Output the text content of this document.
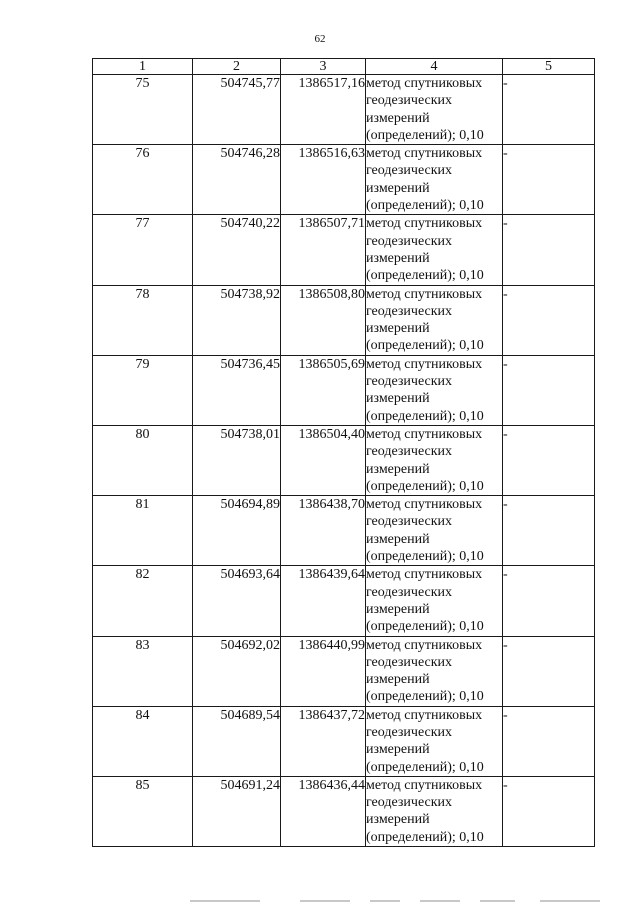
62
1	2	3	4	5
75	504745,77	1386517,16	метод спутниковых
геодезических
измерений
(определений); 0,10	-
76	504746,28	1386516,63	метод спутниковых
геодезических
измерений
(определений); 0,10	-
77	504740,22	1386507,71	метод спутниковых
геодезических
измерений
(определений); 0,10	-
78	504738,92	1386508,80	метод спутниковых
геодезических
измерений
(определений); 0,10	-
79	504736,45	1386505,69	метод спутниковых
геодезических
измерений
(определений); 0,10	-
80	504738,01	1386504,40	метод спутниковых
геодезических
измерений
(определений); 0,10	-
81	504694,89	1386438,70	метод спутниковых
геодезических
измерений
(определений); 0,10	-
82	504693,64	1386439,64	метод спутниковых
геодезических
измерений
(определений); 0,10	-
83	504692,02	1386440,99	метод спутниковых
геодезических
измерений
(определений); 0,10	-
84	504689,54	1386437,72	метод спутниковых
геодезических
измерений
(определений); 0,10	-
85	504691,24	1386436,44	метод спутниковых
геодезических
измерений
(определений); 0,10	-
